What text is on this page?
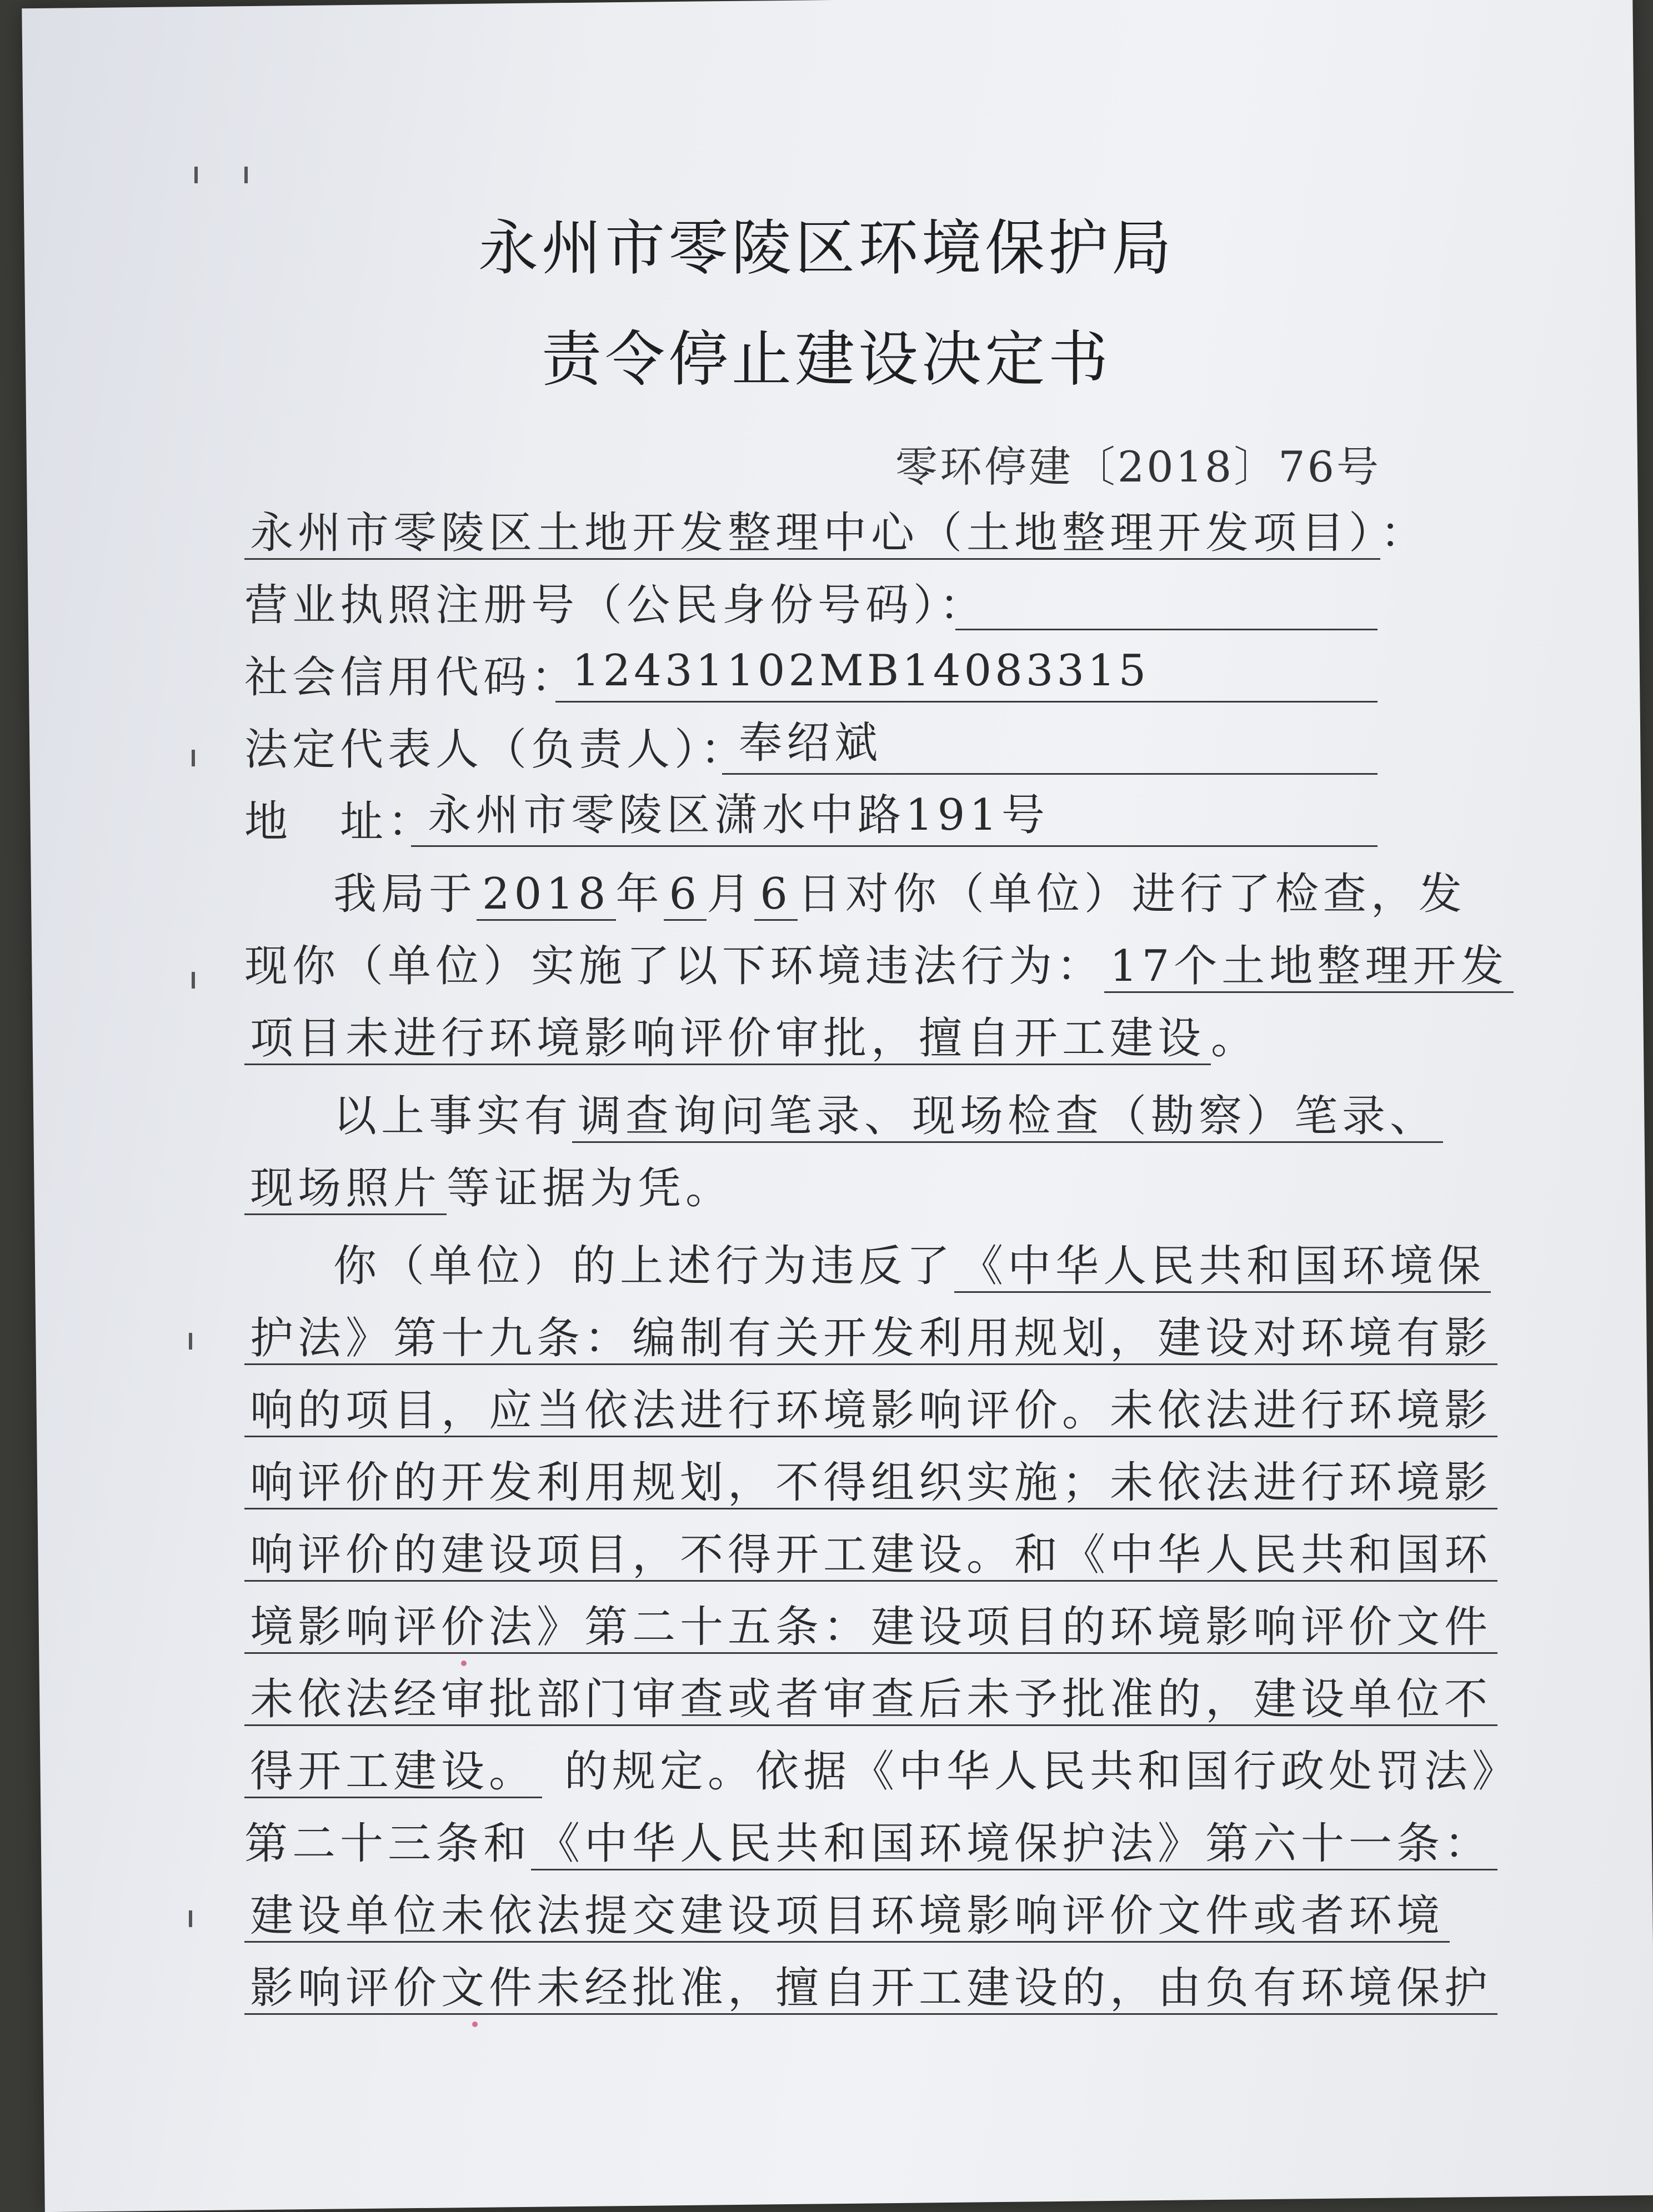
永州市零陵区环境保护局
责令停止建设决定书
零环停建〔2018〕76号
永州市零陵区土地开发整理中心（土地整理开发项目） ：
营业执照注册号（公民身份号码）：
社会信用代码：
12431102MB14083315
法定代表人（负责人）：
奉绍斌
地　址：
永州市零陵区潇水中路191号
我局于 2018 年 6 月 6 日对你（单位）进行了检查，发
现你（单位）实施了以下环境违法行为： 17个土地整理开发
项目未进行环境影响评价审批，擅自开工建设 。
以上事实有 调查询问笔录、现场检查（勘察）笔录、
现场照片 等证据为凭。
你（单位）的上述行为违反了 《中华人民共和国环境保
护法》第十九条：编制有关开发利用规划，建设对环境有影
响的项目，应当依法进行环境影响评价。未依法进行环境影
响评价的开发利用规划，不得组织实施；未依法进行环境影
响评价的建设项目，不得开工建设。和《中华人民共和国环
境影响评价法》第二十五条：建设项目的环境影响评价文件
未依法经审批部门审查或者审查后未予批准的，建设单位不
得开工建设。 的规定。依据《中华人民共和国行政处罚法》
第二十三条和 《中华人民共和国环境保护法》第六十一条：
建设单位未依法提交建设项目环境影响评价文件或者环境
影响评价文件未经批准，擅自开工建设的，由负有环境保护
